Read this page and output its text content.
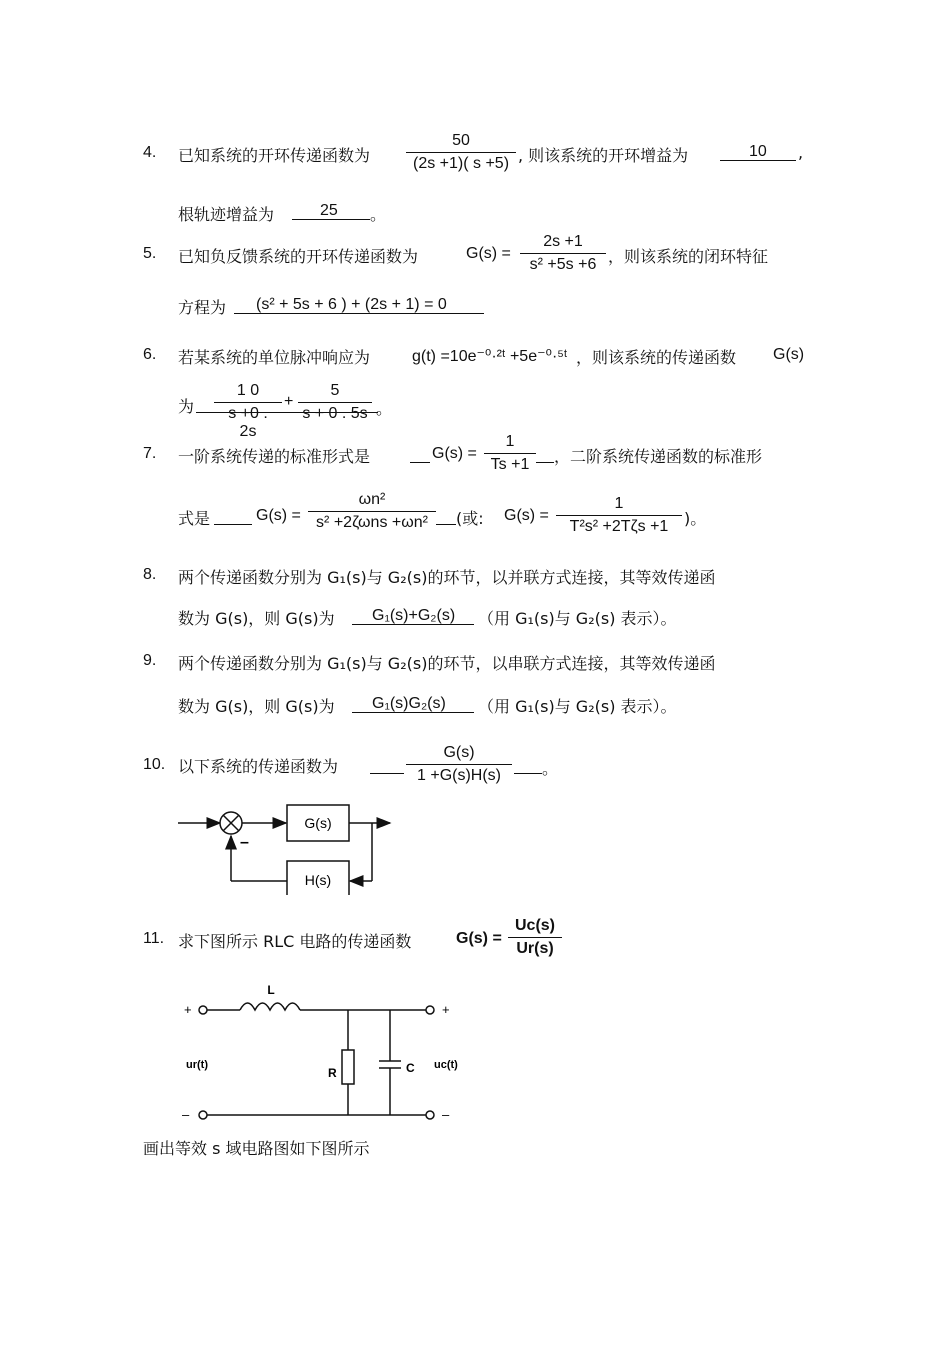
4. 已知系统的开环传递函数为
50
(2s +1)( s +5) , 则该系统的开环增益为	10 ,
根轨迹增益为	25 。
5. 已知负反馈系统的开环传递函数为	G(s) =
2s +1
s² +5s +6 ，则该系统的闭环特征
方程为 (s² + 5s + 6 ) + (2s + 1) = 0
6. 若某系统的单位脉冲响应为	g(t) =10e⁻⁰·²ᵗ +5e⁻⁰·⁵ᵗ ，则该系统的传递函数 G(s)
为
1 0
s +0 . 2s
+
5
s + 0 . 5s 。
7. 一阶系统传递的标准形式是	G(s) =
1
Ts +1	，二阶系统传递函数的标准形
式是	G(s) =
ωn²
s² +2ζωns +ωn²	(或: G(s) =
1
T²s² +2Tζs +1 )。
8. 两个传递函数分别为 G₁(s)与 G₂(s)的环节，以并联方式连接，其等效传递函
数为 G(s)，则 G(s)为 G₁(s)+G₂(s) （用 G₁(s)与 G₂(s) 表示）。
9. 两个传递函数分别为 G₁(s)与 G₂(s)的环节，以串联方式连接，其等效传递函
数为 G(s)，则 G(s)为 G₁(s)G₂(s) （用 G₁(s)与 G₂(s) 表示）。
10. 以下系统的传递函数为
G(s)
1 +G(s)H(s)	。
G(s)
H(s)
–
11. 求下图所示 RLC 电路的传递函数	G(s) =
Uc(s)
Ur(s)
+
L
+
R	C
ur(t)	uc(t)
–	–
画出等效 s 域电路图如下图所示
